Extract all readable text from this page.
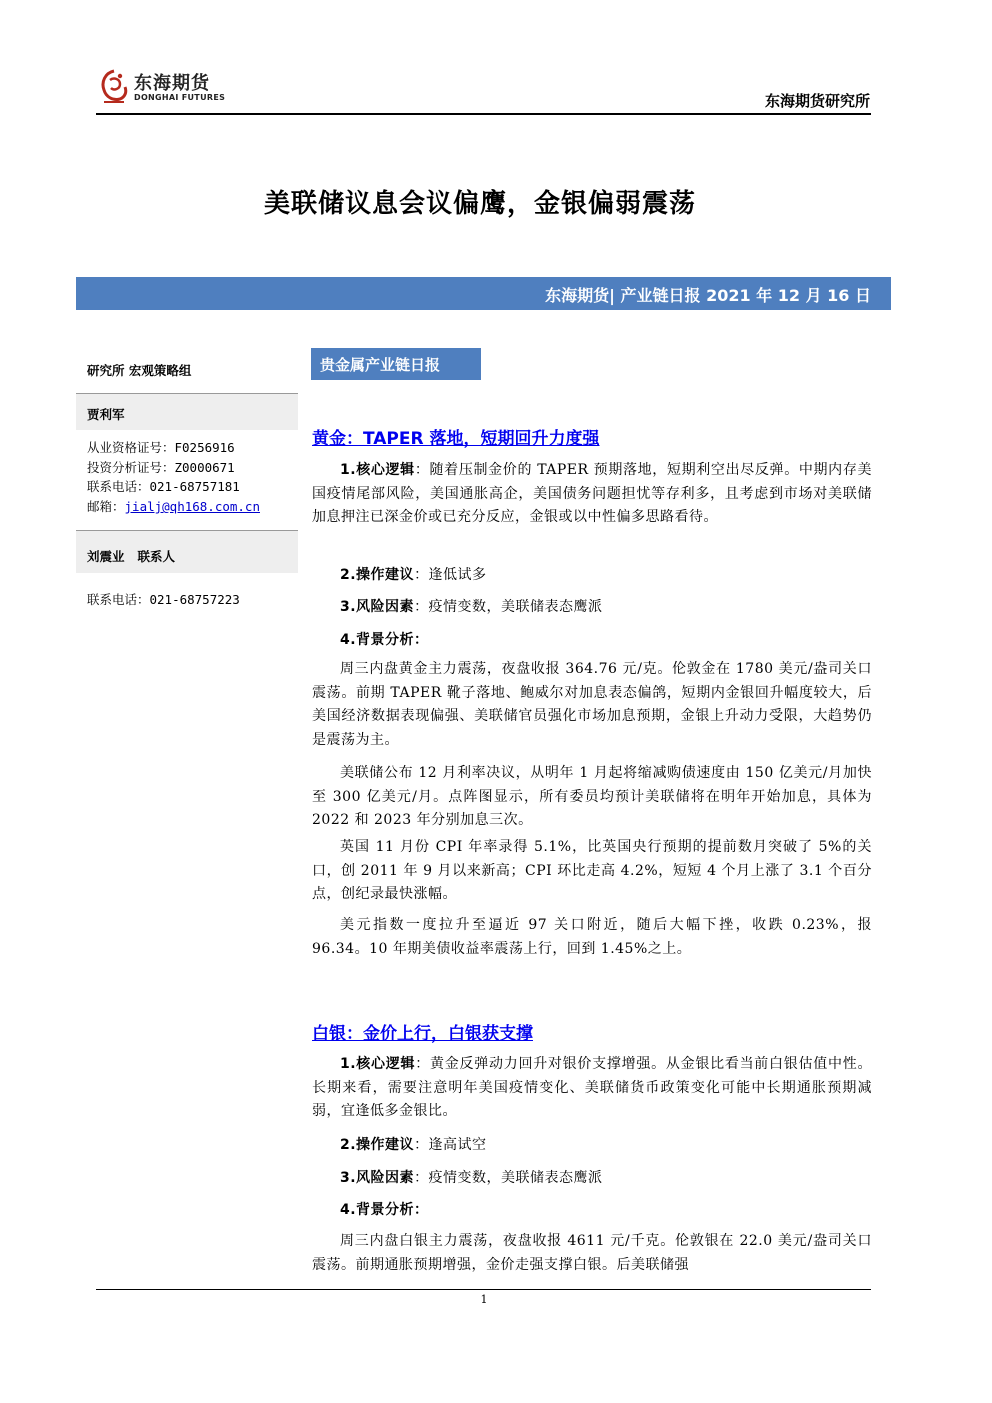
东海期货
DONGHAI FUTURES	东海期货研究所
美联储议息会议偏鹰，金银偏弱震荡
东海期货| 产业链日报 2021 年 12 月 16 日
研究所 宏观策略组
贾利军
从业资格证号：F0256916
投资分析证号：Z0000671
联系电话：021-68757181
邮箱：jialj@qh168.com.cn
刘震业   联系人
联系电话：021-68757223
贵金属产业链日报
黄金：TAPER 落地，短期回升力度强
1.核心逻辑：随着压制金价的 TAPER 预期落地，短期利空出尽反弹。中期内存美国疫情尾部风险，美国通胀高企，美国债务问题担忧等存利多，且考虑到市场对美联储加息押注已深金价或已充分反应，金银或以中性偏多思路看待。
2.操作建议：逢低试多
3.风险因素：疫情变数，美联储表态鹰派
4.背景分析：
周三内盘黄金主力震荡，夜盘收报 364.76 元/克。伦敦金在 1780 美元/盎司关口震荡。前期 TAPER 靴子落地、鲍威尔对加息表态偏鸽，短期内金银回升幅度较大，后美国经济数据表现偏强、美联储官员强化市场加息预期，金银上升动力受限，大趋势仍是震荡为主。
美联储公布 12 月利率决议，从明年 1 月起将缩减购债速度由 150 亿美元/月加快至 300 亿美元/月。点阵图显示，所有委员均预计美联储将在明年开始加息，具体为 2022 和 2023 年分别加息三次。
英国 11 月份 CPI 年率录得 5.1%，比英国央行预期的提前数月突破了 5%的关口，创 2011 年 9 月以来新高；CPI 环比走高 4.2%，短短 4 个月上涨了 3.1 个百分点，创纪录最快涨幅。
美元指数一度拉升至逼近 97 关口附近，随后大幅下挫，收跌 0.23%，报 96.34。10 年期美债收益率震荡上行，回到 1.45%之上。
白银：金价上行，白银获支撑
1.核心逻辑：黄金反弹动力回升对银价支撑增强。从金银比看当前白银估值中性。长期来看，需要注意明年美国疫情变化、美联储货币政策变化可能中长期通胀预期减弱，宜逢低多金银比。
2.操作建议：逢高试空
3.风险因素：疫情变数，美联储表态鹰派
4.背景分析：
周三内盘白银主力震荡，夜盘收报 4611 元/千克。伦敦银在 22.0 美元/盎司关口震荡。前期通胀预期增强，金价走强支撑白银。后美联储强
1
